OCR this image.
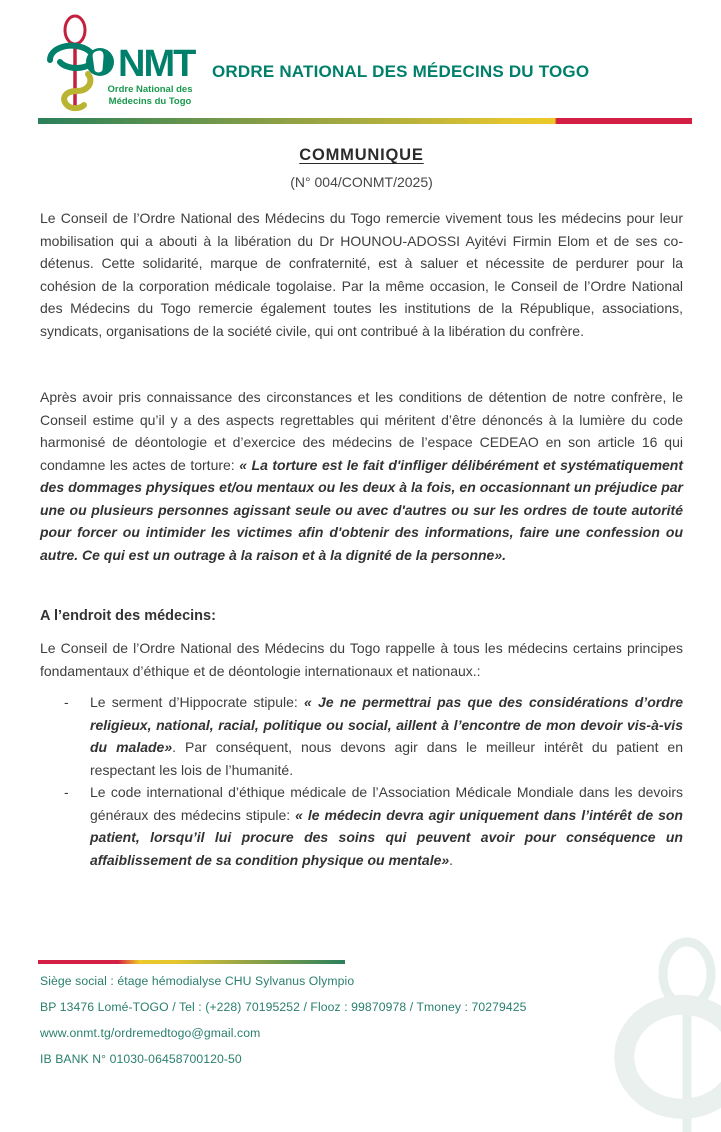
NMT
Ordre National des
Médecins du Togo
ORDRE NATIONAL DES MÉDECINS DU TOGO
COMMUNIQUE
(N° 004/CONMT/2025)

Le Conseil de l’Ordre National des Médecins du Togo remercie vivement tous les médecins pour leur mobilisation qui a abouti à la libération du Dr HOUNOU-ADOSSI Ayitévi Firmin Elom et de ses co-détenus. Cette solidarité, marque de confraternité, est à saluer et nécessite de perdurer pour la cohésion de la corporation médicale togolaise. Par la même occasion, le Conseil de l’Ordre National des Médecins du Togo remercie également toutes les institutions de la République, associations, syndicats, organisations de la société civile, qui ont contribué à la libération du confrère.

Après avoir pris connaissance des circonstances et les conditions de détention de notre confrère, le Conseil estime qu’il y a des aspects regrettables qui méritent d’être dénoncés à la lumière du code harmonisé de déontologie et d’exercice des médecins de l’espace CEDEAO en son article 16 qui condamne les actes de torture: « La torture est le fait d'infliger délibérément et systématiquement des dommages physiques et/ou mentaux ou les deux à la fois, en occasionnant un préjudice par une ou plusieurs personnes agissant seule ou avec d'autres ou sur les ordres de toute autorité pour forcer ou intimider les victimes afin d'obtenir des informations, faire une confession ou autre. Ce qui est un outrage à la raison et à la dignité de la personne».

A l’endroit des médecins:

Le Conseil de l’Ordre National des Médecins du Togo rappelle à tous les médecins certains principes fondamentaux d’éthique et de déontologie internationaux et nationaux.:

-	Le serment d’Hippocrate stipule: « Je ne permettrai pas que des considérations d’ordre religieux, national, racial, politique ou social, aillent à l’encontre de mon devoir vis-à-vis du malade». Par conséquent, nous devons agir dans le meilleur intérêt du patient en respectant les lois de l’humanité.
-	Le code international d’éthique médicale de l’Association Médicale Mondiale dans les devoirs généraux des médecins stipule: « le médecin devra agir uniquement dans l’intérêt de son patient, lorsqu’il lui procure des soins qui peuvent avoir pour conséquence un affaiblissement de sa condition physique ou mentale».

Siège social : étage hémodialyse CHU Sylvanus Olympio

BP 13476 Lomé-TOGO / Tel : (+228) 70195252 / Flooz : 99870978 / Tmoney : 70279425

www.onmt.tg/ordremedtogo@gmail.com

IB BANK N° 01030-06458700120-50
